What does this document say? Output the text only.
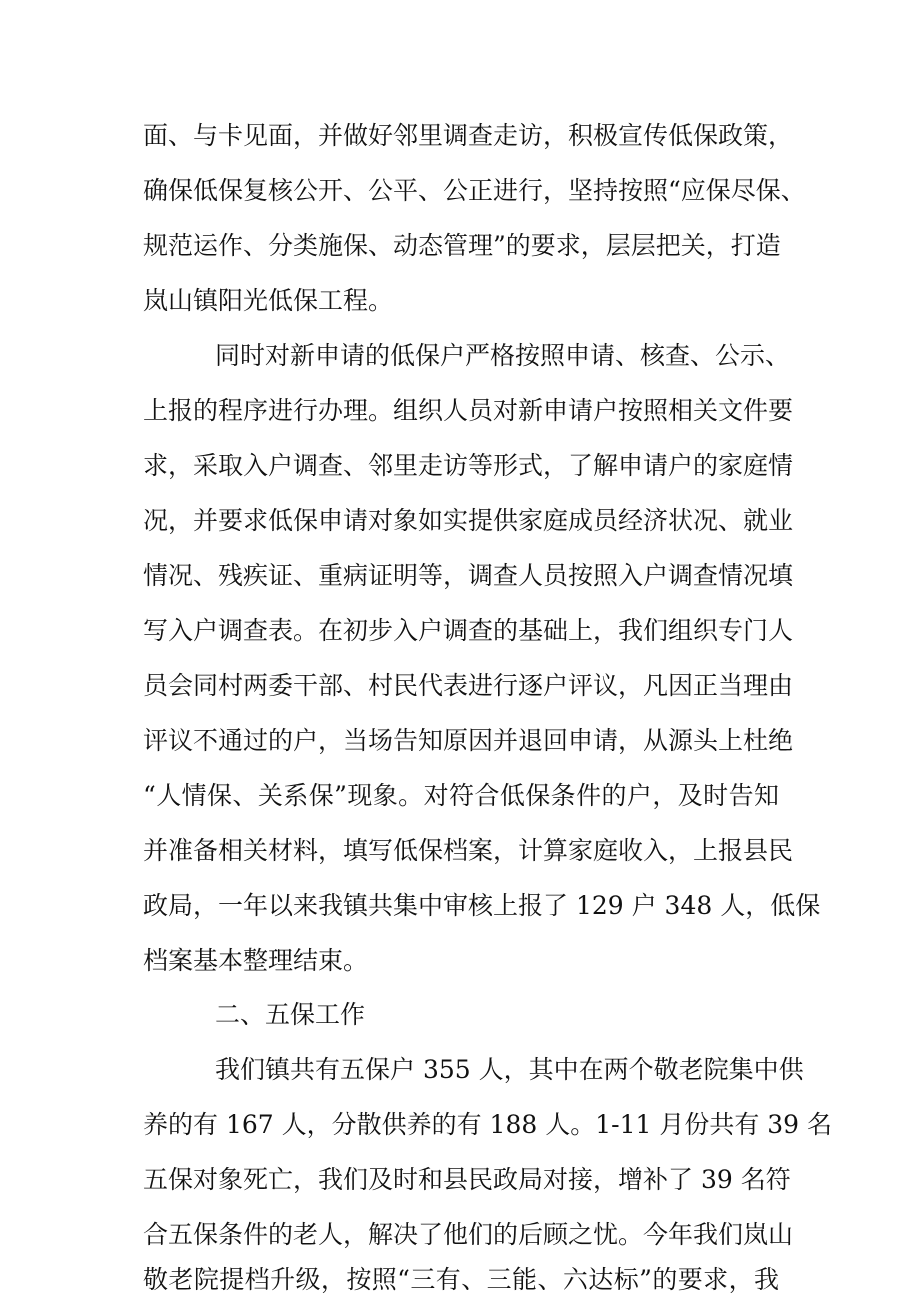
面、与卡见面，并做好邻里调查走访，积极宣传低保政策，
确保低保复核公开、公平、公正进行，坚持按照“应保尽保、
规范运作、分类施保、动态管理”的要求，层层把关，打造
岚山镇阳光低保工程。
同时对新申请的低保户严格按照申请、核查、公示、
上报的程序进行办理。组织人员对新申请户按照相关文件要
求，采取入户调查、邻里走访等形式，了解申请户的家庭情
况，并要求低保申请对象如实提供家庭成员经济状况、就业
情况、残疾证、重病证明等，调查人员按照入户调查情况填
写入户调查表。在初步入户调查的基础上，我们组织专门人
员会同村两委干部、村民代表进行逐户评议，凡因正当理由
评议不通过的户，当场告知原因并退回申请，从源头上杜绝
“人情保、关系保”现象。对符合低保条件的户，及时告知
并准备相关材料，填写低保档案，计算家庭收入，上报县民
政局，一年以来我镇共集中审核上报了 129 户 348 人，低保
档案基本整理结束。
二、五保工作
我们镇共有五保户 355 人，其中在两个敬老院集中供
养的有 167 人，分散供养的有 188 人。1-11 月份共有 39 名
五保对象死亡，我们及时和县民政局对接，增补了 39 名符
合五保条件的老人，解决了他们的后顾之忧。今年我们岚山
敬老院提档升级，按照“三有、三能、六达标”的要求，我
